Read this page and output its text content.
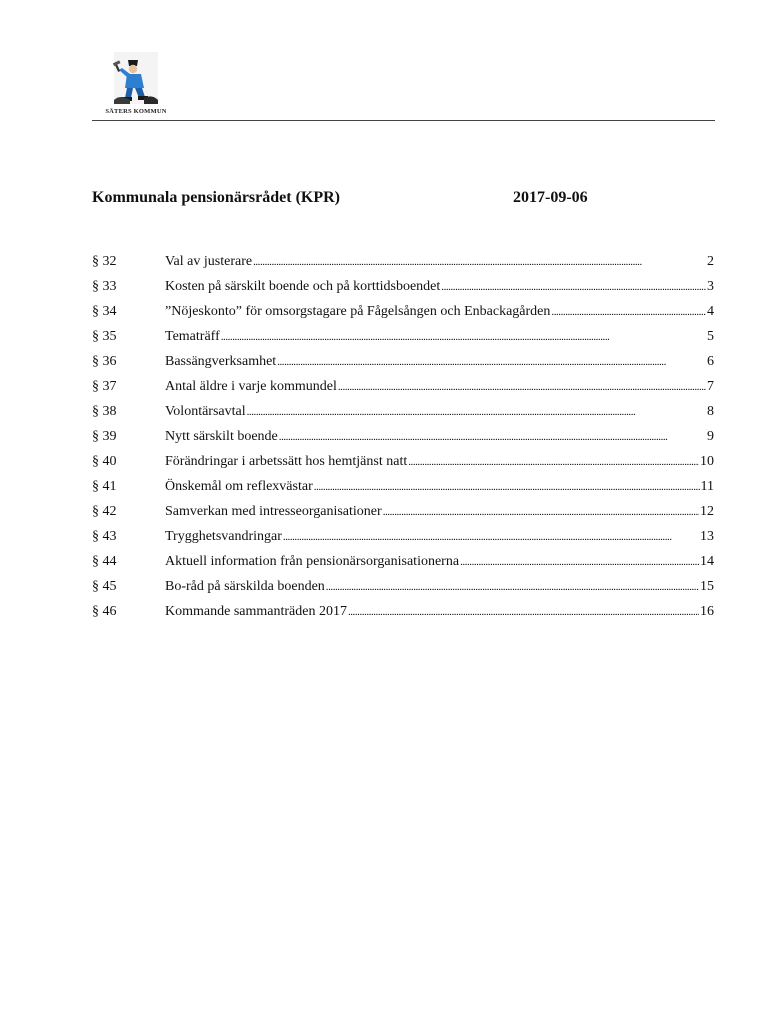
SÄTERS KOMMUN
Kommunala pensionärsrådet (KPR)	2017-09-06
§ 32	Val av justerare . . .	2
§ 33	Kosten på särskilt boende och på korttidsboendet . . .	3
§ 34	”Nöjeskonto” för omsorgstagare på Fågelsången och Enbackagården . . .	4
§ 35	Tematräff . . .	5
§ 36	Bassängverksamhet . . .	6
§ 37	Antal äldre i varje kommundel . . .	7
§ 38	Volontärsavtal . . .	8
§ 39	Nytt särskilt boende . . .	9
§ 40	Förändringar i arbetssätt hos hemtjänst natt . . .	10
§ 41	Önskemål om reflexvästar . . .	11
§ 42	Samverkan med intresseorganisationer . . .	12
§ 43	Trygghetsvandringar . . .	13
§ 44	Aktuell information från pensionärsorganisationerna . . .	14
§ 45	Bo-råd på särskilda boenden . . .	15
§ 46	Kommande sammanträden 2017 . . .	16
